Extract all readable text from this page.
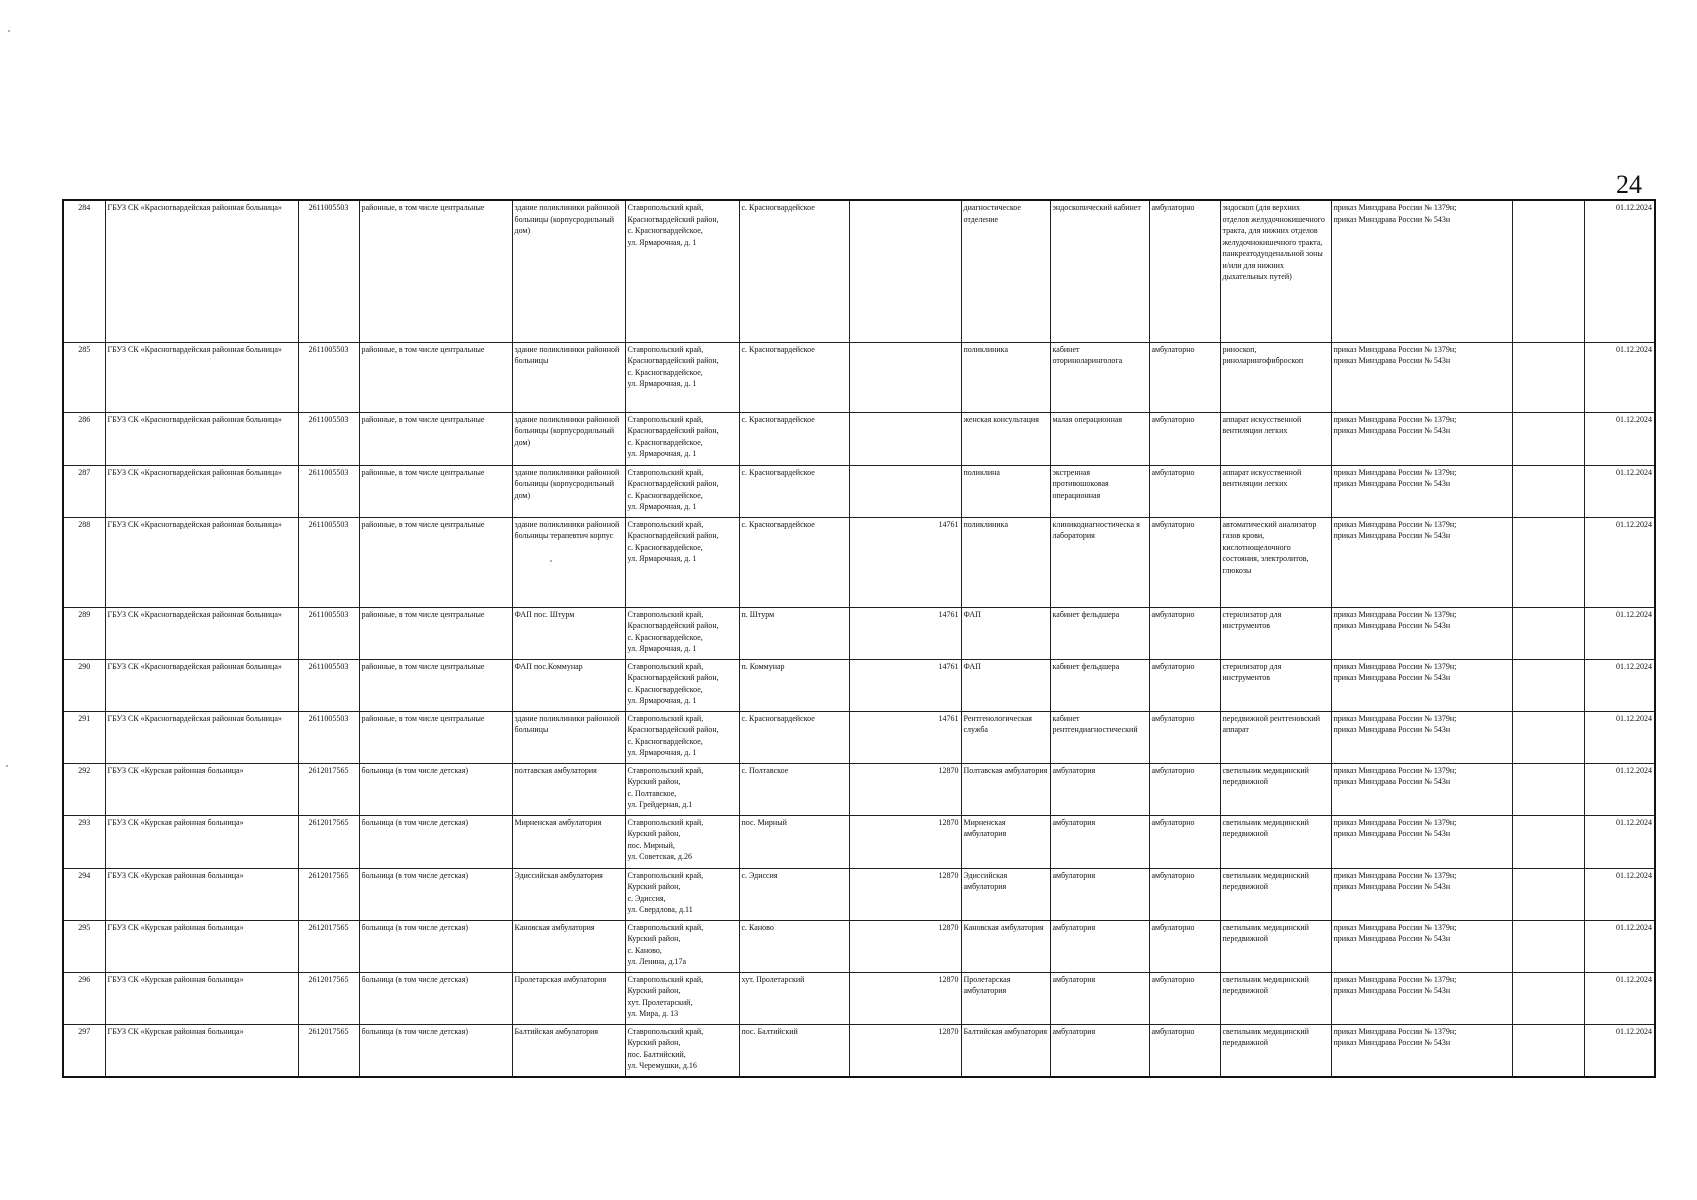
24
284	ГБУЗ СК «Красногвардейская районная больница»	2611005503	районные, в том числе центральные	здание поликлиники районной больницы (корпусродильный дом)	Ставропольский край,
Красногвардейский район,
с. Красногвардейское,
ул. Ярмарочная, д. 1	с. Красногвардейское		диагностическое отделение	эндоскопический кабинет	амбулаторно	эндоскоп (для верхних отделов желудочнокишечного тракта, для нижних отделов желудочнокишечного тракта, панкреатодуоденальной зоны и/или для нижних дыхательных путей)	приказ Минздрава России № 1379н;
приказ Минздрава России № 543н			01.12.2024
285	ГБУЗ СК «Красногвардейская районная больница»	2611005503	районные, в том числе центральные	здание поликлиники районной больницы	Ставропольский край,
Красногвардейский район,
с. Красногвардейское,
ул. Ярмарочная, д. 1	с. Красногвардейское		поликлиника	кабинет оториноларинголога	амбулаторно	риноскоп, риноларингофиброскоп	приказ Минздрава России № 1379н;
приказ Минздрава России № 543н			01.12.2024
286	ГБУЗ СК «Красногвардейская районная больница»	2611005503	районные, в том числе центральные	здание поликлиники районной больницы (корпусродильный дом)	Ставропольский край,
Красногвардейский район,
с. Красногвардейское,
ул. Ярмарочная, д. 1	с. Красногвардейское		женская консультация	малая операционная	амбулаторно	аппарат искусственной вентиляции легких	приказ Минздрава России № 1379н;
приказ Минздрава России № 543н			01.12.2024
287	ГБУЗ СК «Красногвардейская районная больница»	2611005503	районные, в том числе центральные	здание поликлиники районной больницы (корпусродильный дом)	Ставропольский край,
Красногвардейский район,
с. Красногвардейское,
ул. Ярмарочная, д. 1	с. Красногвардейское		поликлина	экстренная противошоковая операционная	амбулаторно	аппарат искусственной вентиляции легких	приказ Минздрава России № 1379н;
приказ Минздрава России № 543н			01.12.2024
288	ГБУЗ СК «Красногвардейская районная больница»	2611005503	районные, в том числе центральные	здание поликлиники районной больницы терапевтич корпус	Ставропольский край,
Красногвардейский район,
с. Красногвардейское,
ул. Ярмарочная, д. 1	с. Красногвардейское	14761	поликлиника	клиникодиагностическа я лаборатория	амбулаторно	автоматический анализатор газов крови, кислотнощелочного состояния, электролитов, глюкозы	приказ Минздрава России № 1379н;
приказ Минздрава России № 543н			01.12.2024
289	ГБУЗ СК «Красногвардейская районная больница»	2611005503	районные, в том числе центральные	ФАП пос. Штурм	Ставропольский край,
Красногвардейский район,
с. Красногвардейское,
ул. Ярмарочная, д. 1	п. Штурм	14761	ФАП	кабинет фельдшера	амбулаторно	стерилизатор для инструментов	приказ Минздрава России № 1379н;
приказ Минздрава России № 543н			01.12.2024
290	ГБУЗ СК «Красногвардейская районная больница»	2611005503	районные, в том числе центральные	ФАП пос.Коммунар	Ставропольский край,
Красногвардейский район,
с. Красногвардейское,
ул. Ярмарочная, д. 1	п. Коммунар	14761	ФАП	кабинет фельдшера	амбулаторно	стерилизатор для инструментов	приказ Минздрава России № 1379н;
приказ Минздрава России № 543н			01.12.2024
291	ГБУЗ СК «Красногвардейская районная больница»	2611005503	районные, в том числе центральные	здание поликлиники районной больницы	Ставропольский край,
Красногвардейский район,
с. Красногвардейское,
ул. Ярмарочная, д. 1	с. Красногвардейское	14761	Рентгенологическая служба	кабинет рентгендиагностический	амбулаторно	передвижной рентгеновский аппарат	приказ Минздрава России № 1379н;
приказ Минздрава России № 543н			01.12.2024
292	ГБУЗ СК «Курская районная больница»	2612017565	больница (в том числе детская)	полтавская амбулатория	Ставропольский край,
Курский район,
с. Полтавское,
ул. Грейдерная, д.1	с. Полтавское	12870	Полтавская амбулатория	амбулатория	амбулаторно	светильник медицинский передвижной	приказ Минздрава России № 1379н;
приказ Минздрава России № 543н			01.12.2024
293	ГБУЗ СК «Курская районная больница»	2612017565	больница (в том числе детская)	Мирненская амбулатория	Ставропольский край,
Курский район,
пос. Мирный,
ул. Советская, д.26	пос. Мирный	12870	Мирненская амбулатория	амбулатория	амбулаторно	светильник медицинский передвижной	приказ Минздрава России № 1379н;
приказ Минздрава России № 543н			01.12.2024
294	ГБУЗ СК «Курская районная больница»	2612017565	больница (в том числе детская)	Эдиссийская амбулатория	Ставропольский край,
Курский район,
с. Эдиссия,
ул. Свердлова, д.11	с. Эдиссия	12870	Эдиссийская амбулатория	амбулатория	амбулаторно	светильник медицинский передвижной	приказ Минздрава России № 1379н;
приказ Минздрава России № 543н			01.12.2024
295	ГБУЗ СК «Курская районная больница»	2612017565	больница (в том числе детская)	Кановская амбулатория	Ставропольский край,
Курский район,
с. Каново,
ул. Ленина, д.17а	с. Каново	12870	Кановская амбулатория	амбулатория	амбулаторно	светильник медицинский передвижной	приказ Минздрава России № 1379н;
приказ Минздрава России № 543н			01.12.2024
296	ГБУЗ СК «Курская районная больница»	2612017565	больница (в том числе детская)	Пролетарская амбулатория	Ставропольский край,
Курский район,
хут. Пролетарский,
ул. Мира, д. 13	хут. Пролетарский	12870	Пролетарская амбулатория	амбулатория	амбулаторно	светильник медицинский передвижной	приказ Минздрава России № 1379н;
приказ Минздрава России № 543н			01.12.2024
297	ГБУЗ СК «Курская районная больница»	2612017565	больница (в том числе детская)	Балтийская амбулатория	Ставропольский край,
Курский район,
пос. Балтийский,
ул. Черемушки, д.16	пос. Балтийский	12870	Балтийская амбулатория	амбулатория	амбулаторно	светильник медицинский передвижной	приказ Минздрава России № 1379н;
приказ Минздрава России № 543н			01.12.2024
